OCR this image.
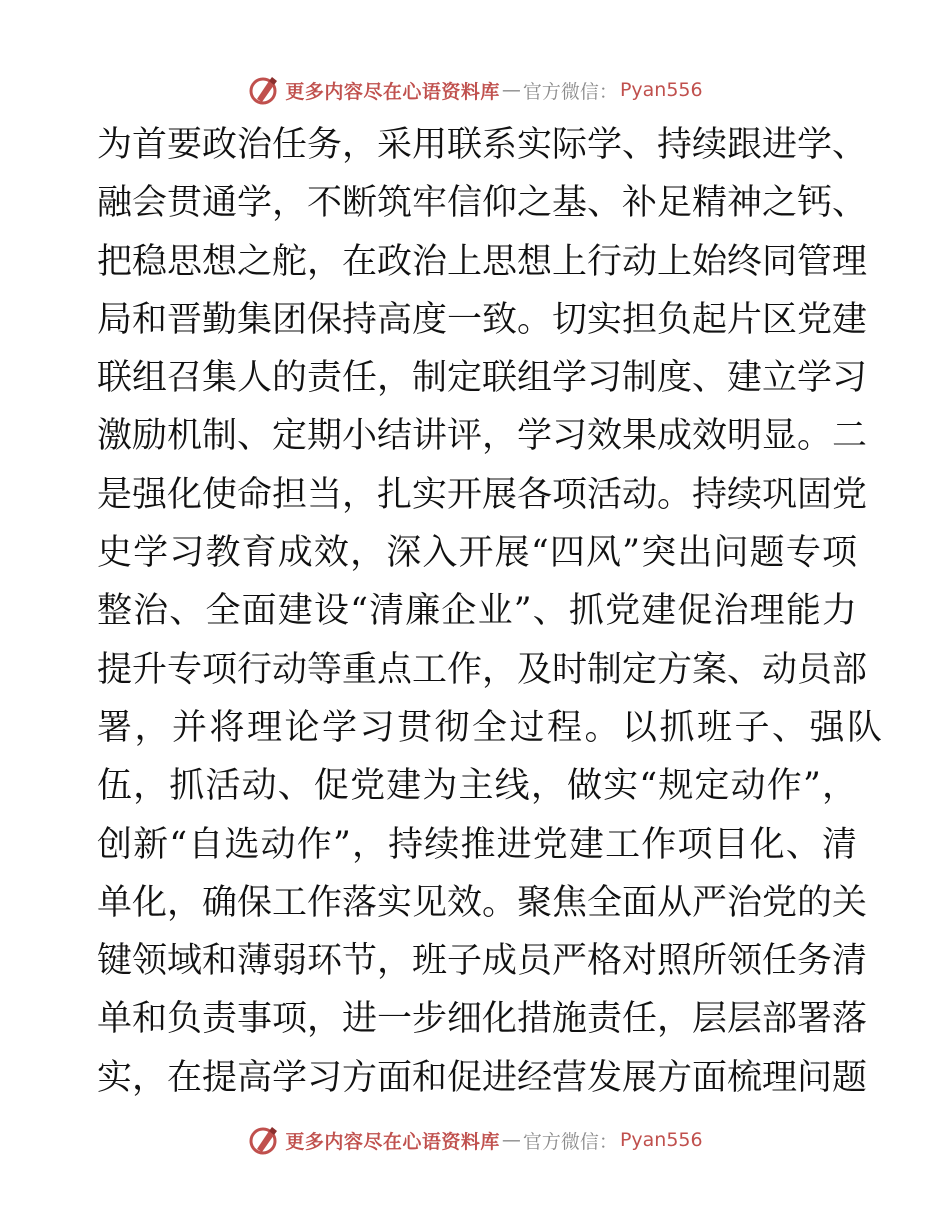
更多内容尽在心语资料库 — 官方微信： Pyan556
为首要政治任务，采用联系实际学、持续跟进学、
融会贯通学，不断筑牢信仰之基、补足精神之钙、
把稳思想之舵，在政治上思想上行动上始终同管理
局和晋勤集团保持高度一致。切实担负起片区党建
联组召集人的责任，制定联组学习制度、建立学习
激励机制、定期小结讲评，学习效果成效明显。二
是强化使命担当，扎实开展各项活动。持续巩固党
史学习教育成效，深入开展“四风”突出问题专项
整治、全面建设“清廉企业”、抓党建促治理能力
提升专项行动等重点工作，及时制定方案、动员部
署，并将理论学习贯彻全过程。以抓班子、强队
伍，抓活动、促党建为主线，做实“规定动作”，
创新“自选动作”，持续推进党建工作项目化、清
单化，确保工作落实见效。聚焦全面从严治党的关
键领域和薄弱环节，班子成员严格对照所领任务清
单和负责事项，进一步细化措施责任，层层部署落
实，在提高学习方面和促进经营发展方面梳理问题
更多内容尽在心语资料库 — 官方微信： Pyan556
